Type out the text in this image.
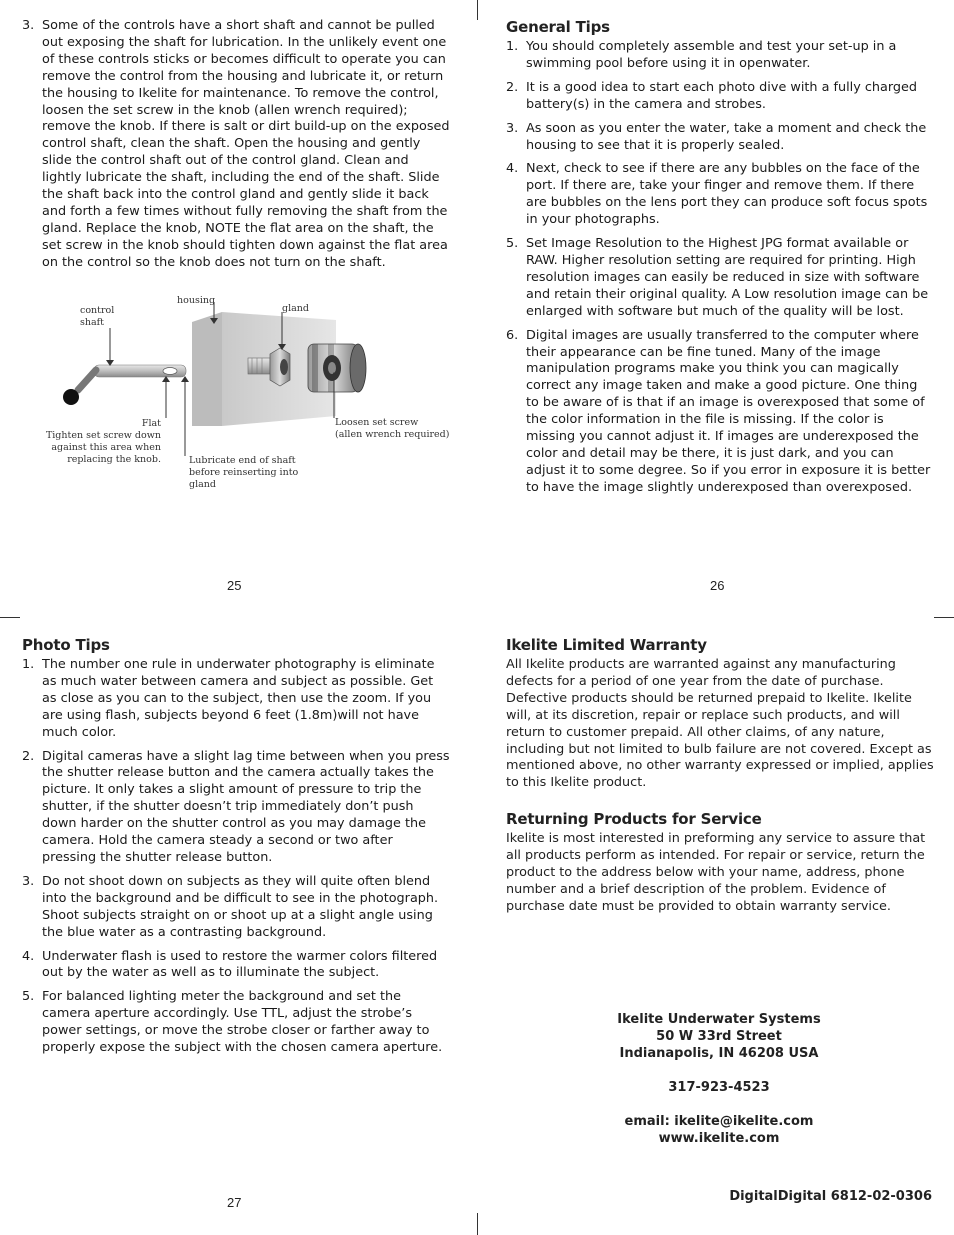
3. Some of the controls have a short shaft and cannot be pulled out exposing the shaft for lubrication. In the unlikely event one of these controls sticks or becomes difficult to operate you can remove the control from the housing and lubricate it, or return the housing to Ikelite for maintenance. To remove the control, loosen the set screw in the knob (allen wrench required); remove the knob. If there is salt or dirt build-up on the exposed control shaft, clean the shaft. Open the housing and gently slide the control shaft out of the control gland. Clean and lightly lubricate the shaft, including the end of the shaft. Slide the shaft back into the control gland and gently slide it back and forth a few times without fully removing the shaft from the gland. Replace the knob, NOTE the flat area on the shaft, the set screw in the knob should tighten down against the flat area on the control so the knob does not turn on the shaft.
control
shaft
housing
gland
Flat
Tighten set screw down
against this area when
replacing the knob.	Lubricate end of shaft
before reinserting into
gland
Loosen set screw
(allen wrench required)
25
General Tips
1. You should completely assemble and test your set-up in a swimming pool before using it in openwater.
2. It is a good idea to start each photo dive with a fully charged battery(s) in the camera and strobes.
3. As soon as you enter the water, take a moment and check the housing to see that it is properly sealed.
4. Next, check to see if there are any bubbles on the face of the port. If there are, take your finger and remove them. If there are bubbles on the lens port they can produce soft focus spots in your photographs.
5. Set Image Resolution to the Highest JPG format available or RAW. Higher resolution setting are required for printing. High resolution images can easily be reduced in size with software and retain their original quality. A Low resolution image can be enlarged with software but much of the quality will be lost.
6. Digital images are usually transferred to the computer where their appearance can be fine tuned. Many of the image manipulation programs make you think you can magically correct any image taken and make a good picture. One thing to be aware of is that if an image is overexposed that some of the color information in the file is missing. If the color is missing you cannot adjust it. If images are underexposed the color and detail may be there, it is just dark, and you can adjust it to some degree. So if you error in exposure it is better to have the image slightly underexposed than overexposed.
26
Photo Tips
1. The number one rule in underwater photography is eliminate as much water between camera and subject as possible. Get as close as you can to the subject, then use the zoom. If you are using flash, subjects beyond 6 feet (1.8m)will not have much color.
2. Digital cameras have a slight lag time between when you press the shutter release button and the camera actually takes the picture. It only takes a slight amount of pressure to trip the shutter, if the shutter doesn’t trip immediately don’t push down harder on the shutter control as you may damage the camera. Hold the camera steady a second or two after pressing the shutter release button.
3. Do not shoot down on subjects as they will quite often blend into the background and be difficult to see in the photograph. Shoot subjects straight on or shoot up at a slight angle using the blue water as a contrasting background.
4. Underwater flash is used to restore the warmer colors filtered out by the water as well as to illuminate the subject.
5. For balanced lighting meter the background and set the camera aperture accordingly. Use TTL, adjust the strobe’s power settings, or move the strobe closer or farther away to properly expose the subject with the chosen camera aperture.
27
Ikelite Limited Warranty

All Ikelite products are warranted against any manufacturing defects for a period of one year from the date of purchase. Defective products should be returned prepaid to Ikelite. Ikelite will, at its discretion, repair or replace such products, and will return to customer prepaid. All other claims, of any nature, including but not limited to bulb failure are not covered. Except as mentioned above, no other warranty expressed or implied, applies to this Ikelite product.

Returning Products for Service

Ikelite is most interested in preforming any service to assure that all products perform as intended. For repair or service, return the product to the address below with your name, address, phone number and a brief description of the problem. Evidence of purchase date must be provided to obtain warranty service.

Ikelite Underwater Systems
50 W 33rd Street
Indianapolis, IN 46208 USA
317-923-4523
email: ikelite@ikelite.com
www.ikelite.com
DigitalDigital 6812-02-0306
